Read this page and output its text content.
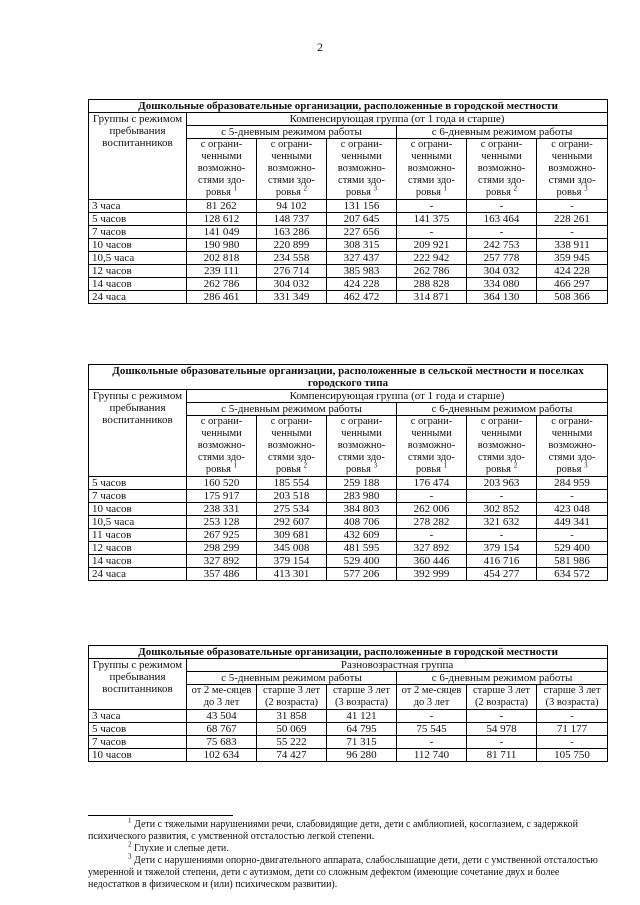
2
Дошкольные образовательные организации, расположенные в городской местности						
Группы с режимом пребывания воспитанников	Компенсирующая группа (от 1 года и старше)					
	с 5-дневным режимом работы			с 6-дневным режимом работы		
	с ограни-ченными возможно-стями здо-ровья $^1$	с ограни-ченными возможно-стями здо-ровья $^2$	с ограни-ченными возможно-стями здо-ровья $^3$	с ограни-ченными возможно-стями здо-ровья $^1$	с ограни-ченными возможно-стями здо-ровья $^2$	с ограни-ченными возможно-стями здо-ровья $^3$
3 часа	81 262	94 102	131 156	-	-	-
5 часов	128 612	148 737	207 645	141 375	163 464	228 261
7 часов	141 049	163 286	227 656	-	-	-
10 часов	190 980	220 899	308 315	209 921	242 753	338 911
10,5 часа	202 818	234 558	327 437	222 942	257 778	359 945
12 часов	239 111	276 714	385 983	262 786	304 032	424 228
14 часов	262 786	304 032	424 228	288 828	334 080	466 297
24 часа	286 461	331 349	462 472	314 871	364 130	508 366
Дошкольные образовательные организации, расположенные в сельской местности и поселках городского типа						
Группы с режимом пребывания воспитанников	Компенсирующая группа (от 1 года и старше)					
	с 5-дневным режимом работы			с 6-дневным режимом работы		
	с ограни-ченными возможно-стями здо-ровья $^1$	с ограни-ченными возможно-стями здо-ровья $^2$	с ограни-ченными возможно-стями здо-ровья $^3$	с ограни-ченными возможно-стями здо-ровья $^1$	с ограни-ченными возможно-стями здо-ровья $^2$	с ограни-ченными возможно-стями здо-ровья $^3$
5 часов	160 520	185 554	259 188	176 474	203 963	284 959
7 часов	175 917	203 518	283 980	-	-	-
10 часов	238 331	275 534	384 803	262 006	302 852	423 048
10,5 часа	253 128	292 607	408 706	278 282	321 632	449 341
11 часов	267 925	309 681	432 609	-	-	-
12 часов	298 299	345 008	481 595	327 892	379 154	529 400
14 часов	327 892	379 154	529 400	360 446	416 716	581 986
24 часа	357 486	413 301	577 206	392 999	454 277	634 572
Дошкольные образовательные организации, расположенные в городской местности						
Группы с режимом пребывания воспитанников	Разновозрастная группа					
	с 5-дневным режимом работы			с 6-дневным режимом работы		
	от 2 ме-сяцев до 3 лет	старше 3 лет (2 возраста)	старше 3 лет (3 возраста)	от 2 ме-сяцев до 3 лет	старше 3 лет (2 возраста)	старше 3 лет (3 возраста)
3 часа	43 504	31 858	41 121	-	-	-
5 часов	68 767	50 069	64 795	75 545	54 978	71 177
7 часов	75 683	55 222	71 315	-	-	-
10 часов	102 634	74 427	96 280	112 740	81 711	105 750
$^1$ Дети с тяжелыми нарушениями речи, слабовидящие дети, дети с амблиопией, косоглазием, с задержкой психического развития, с умственной отсталостью легкой степени.
$^2$ Глухие и слепые дети.
$^3$ Дети с нарушениями опорно-двигательного аппарата, слабослышащие дети, дети с умственной отсталостью умеренной и тяжелой степени, дети с аутизмом, дети со сложным дефектом (имеющие сочетание двух и более недостатков в физическом и (или) психическом развитии).
